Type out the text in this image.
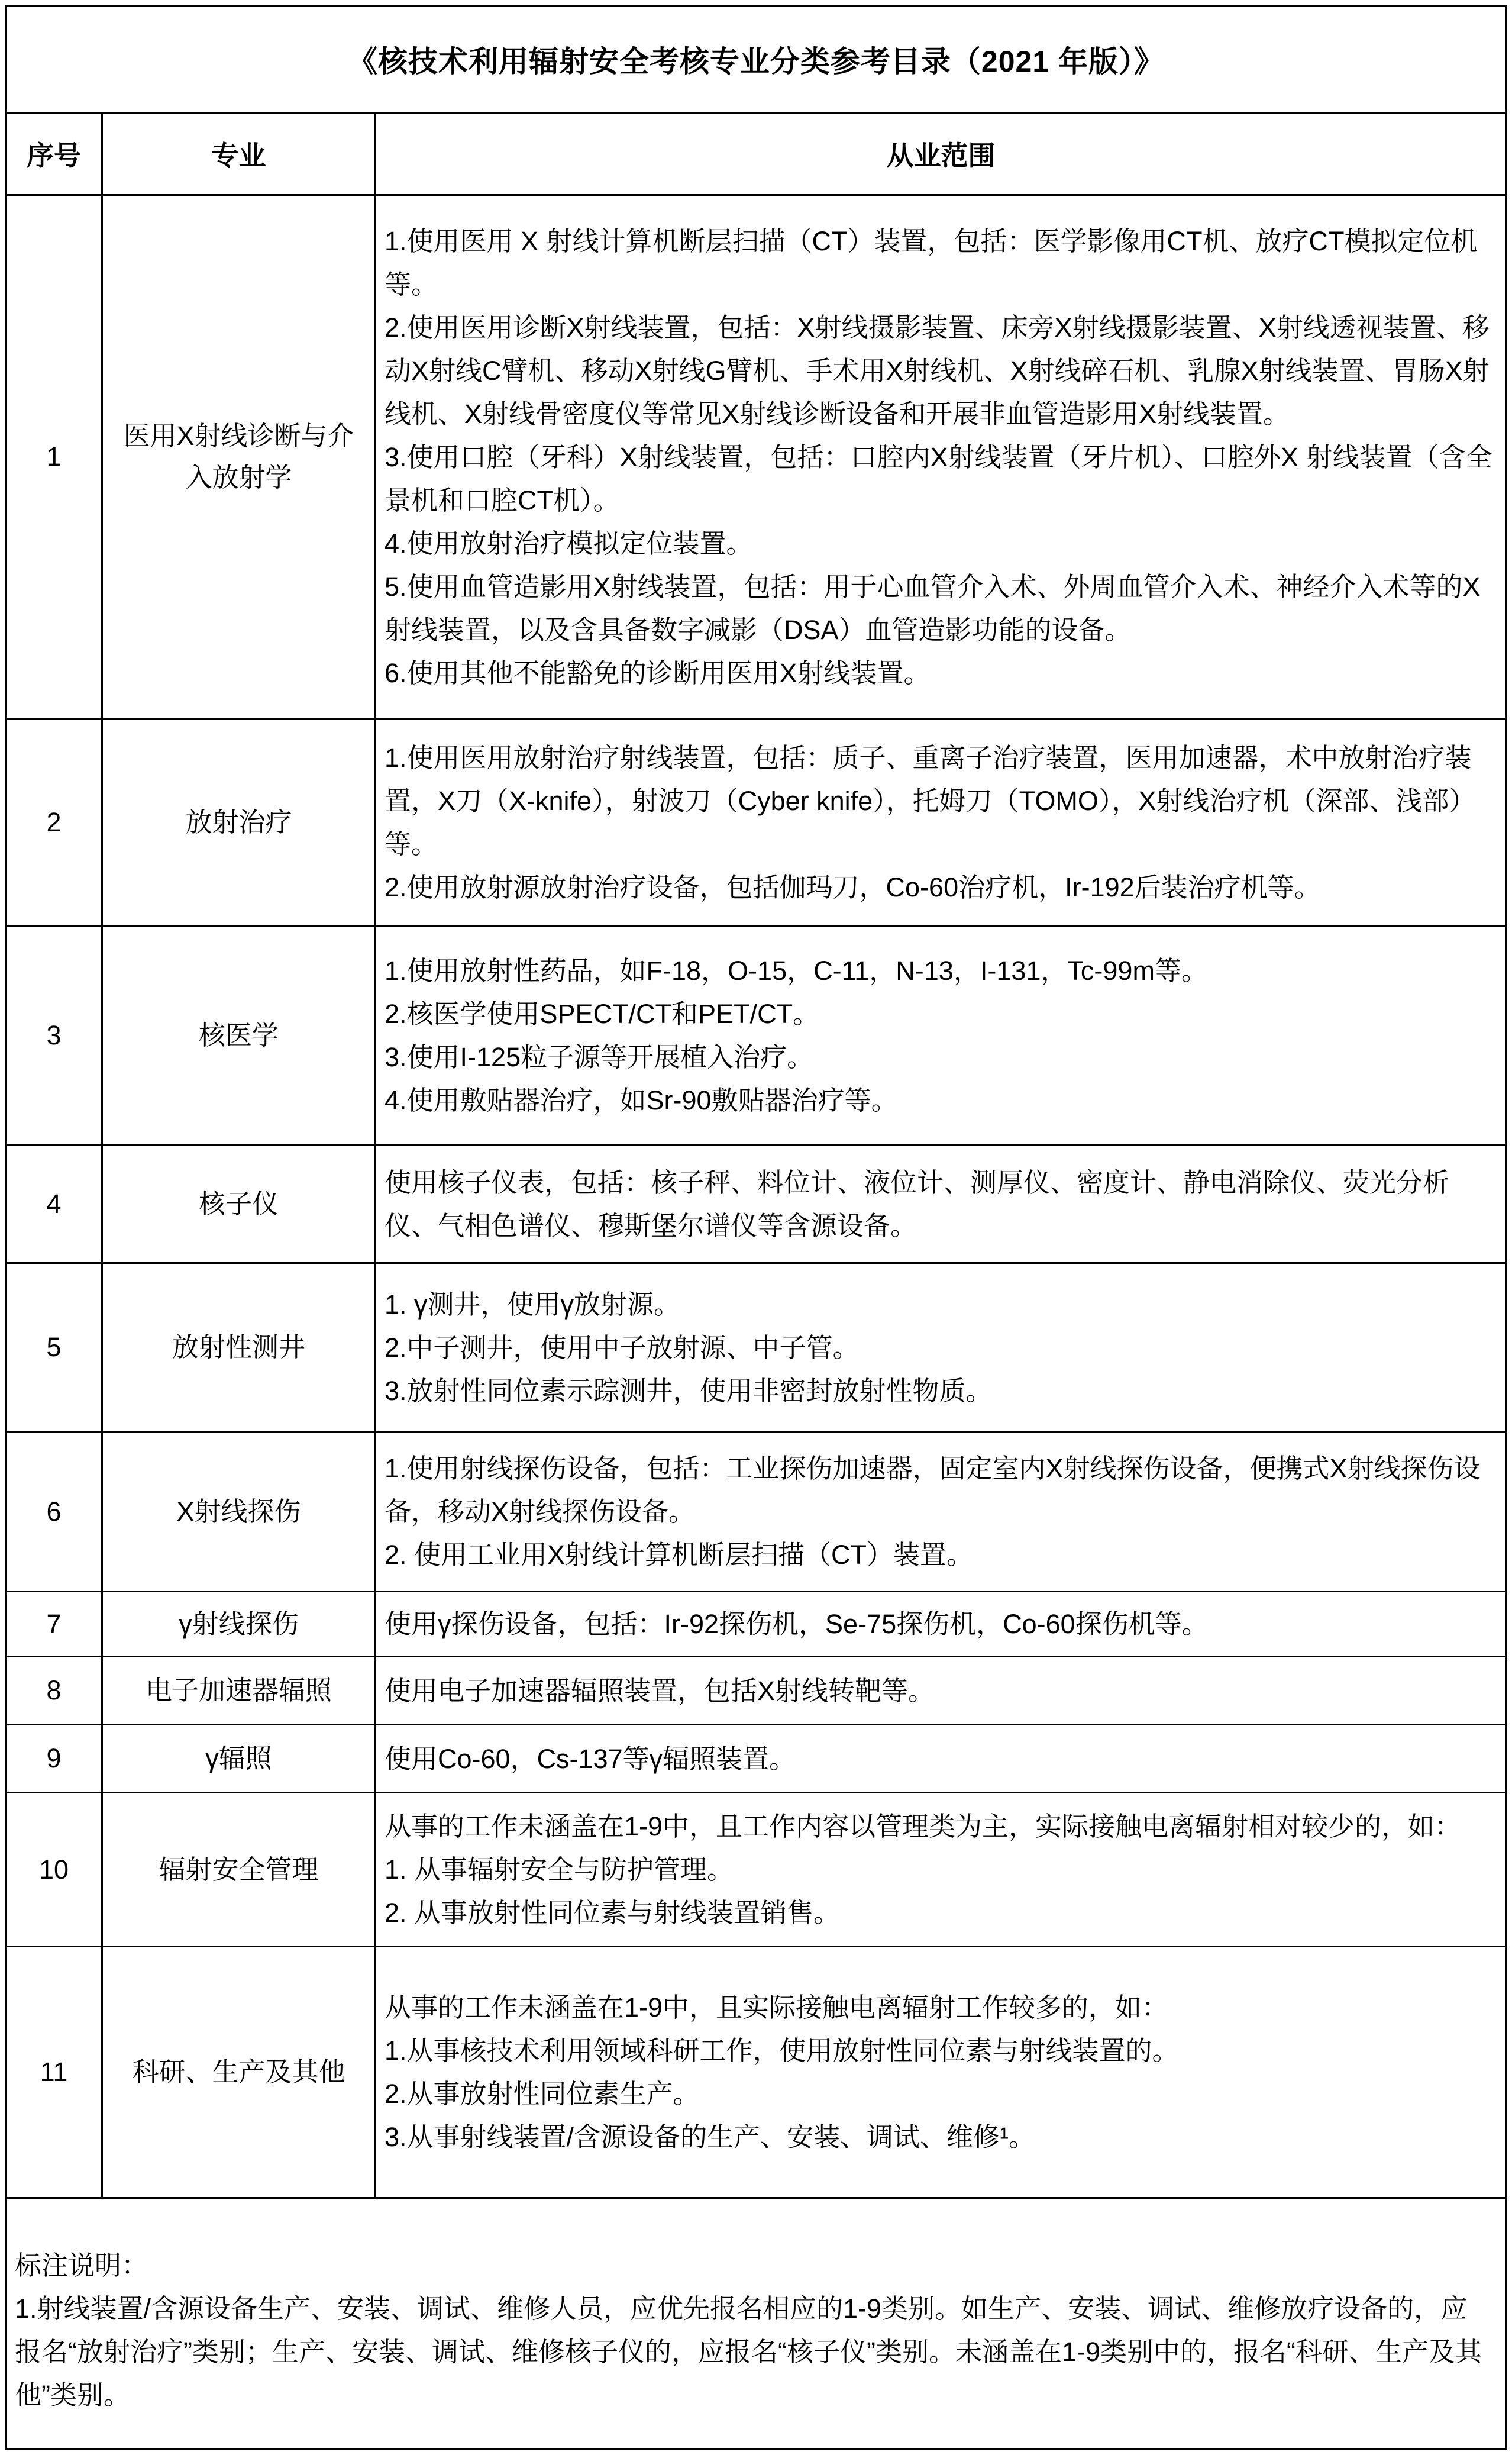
《核技术利用辐射安全考核专业分类参考目录（2021 年版）》		
序号	专业	从业范围
1	医用X射线诊断与介入放射学	
1.使用医用 X 射线计算机断层扫描（CT）装置，包括：医学影像用CT机、放疗CT模拟定位机等。
2.使用医用诊断X射线装置，包括：X射线摄影装置、床旁X射线摄影装置、X射线透视装置、移动X射线C臂机、移动X射线G臂机、手术用X射线机、X射线碎石机、乳腺X射线装置、胃肠X射线机、X射线骨密度仪等常见X射线诊断设备和开展非血管造影用X射线装置。
3.使用口腔（牙科）X射线装置，包括：口腔内X射线装置（牙片机）、口腔外X 射线装置（含全景机和口腔CT机）。
4.使用放射治疗模拟定位装置。
5.使用血管造影用X射线装置，包括：用于心血管介入术、外周血管介入术、神经介入术等的X射线装置，以及含具备数字减影（DSA）血管造影功能的设备。
6.使用其他不能豁免的诊断用医用X射线装置。

2	放射治疗	1.使用医用放射治疗射线装置，包括：质子、重离子治疗装置，医用加速器，术中放射治疗装置，X刀（X-knife），射波刀（Cyber knife），托姆刀（TOMO），X射线治疗机（深部、浅部）等。
2.使用放射源放射治疗设备，包括伽玛刀，Co-60治疗机，Ir-192后装治疗机等。

3	核医学	1.使用放射性药品，如F-18，O-15，C-11，N-13，I-131，Tc-99m等。
2.核医学使用SPECT/CT和PET/CT。
3.使用I-125粒子源等开展植入治疗。
4.使用敷贴器治疗，如Sr-90敷贴器治疗等。

4	核子仪	使用核子仪表，包括：核子秤、料位计、液位计、测厚仪、密度计、静电消除仪、荧光分析仪、气相色谱仪、穆斯堡尔谱仪等含源设备。

5	放射性测井	1. γ测井，使用γ放射源。
2.中子测井，使用中子放射源、中子管。
3.放射性同位素示踪测井，使用非密封放射性物质。

6	X射线探伤	1.使用射线探伤设备，包括：工业探伤加速器，固定室内X射线探伤设备，便携式X射线探伤设备，移动X射线探伤设备。
2. 使用工业用X射线计算机断层扫描（CT）装置。

7	γ射线探伤	使用γ探伤设备，包括：Ir-92探伤机，Se-75探伤机，Co-60探伤机等。

8	电子加速器辐照	使用电子加速器辐照装置，包括X射线转靶等。

9	γ辐照	使用Co-60，Cs-137等γ辐照装置。

10	辐射安全管理	从事的工作未涵盖在1-9中，且工作内容以管理类为主，实际接触电离辐射相对较少的，如：
1. 从事辐射安全与防护管理。
2. 从事放射性同位素与射线装置销售。

11	科研、生产及其他	从事的工作未涵盖在1-9中，且实际接触电离辐射工作较多的，如：
1.从事核技术利用领域科研工作，使用放射性同位素与射线装置的。
2.从事放射性同位素生产。
3.从事射线装置/含源设备的生产、安装、调试、维修¹。

标注说明：
1.射线装置/含源设备生产、安装、调试、维修人员，应优先报名相应的1-9类别。如生产、安装、调试、维修放疗设备的，应报名“放射治疗”类别；生产、安装、调试、维修核子仪的，应报名“核子仪”类别。未涵盖在1-9类别中的，报名“科研、生产及其他”类别。		
